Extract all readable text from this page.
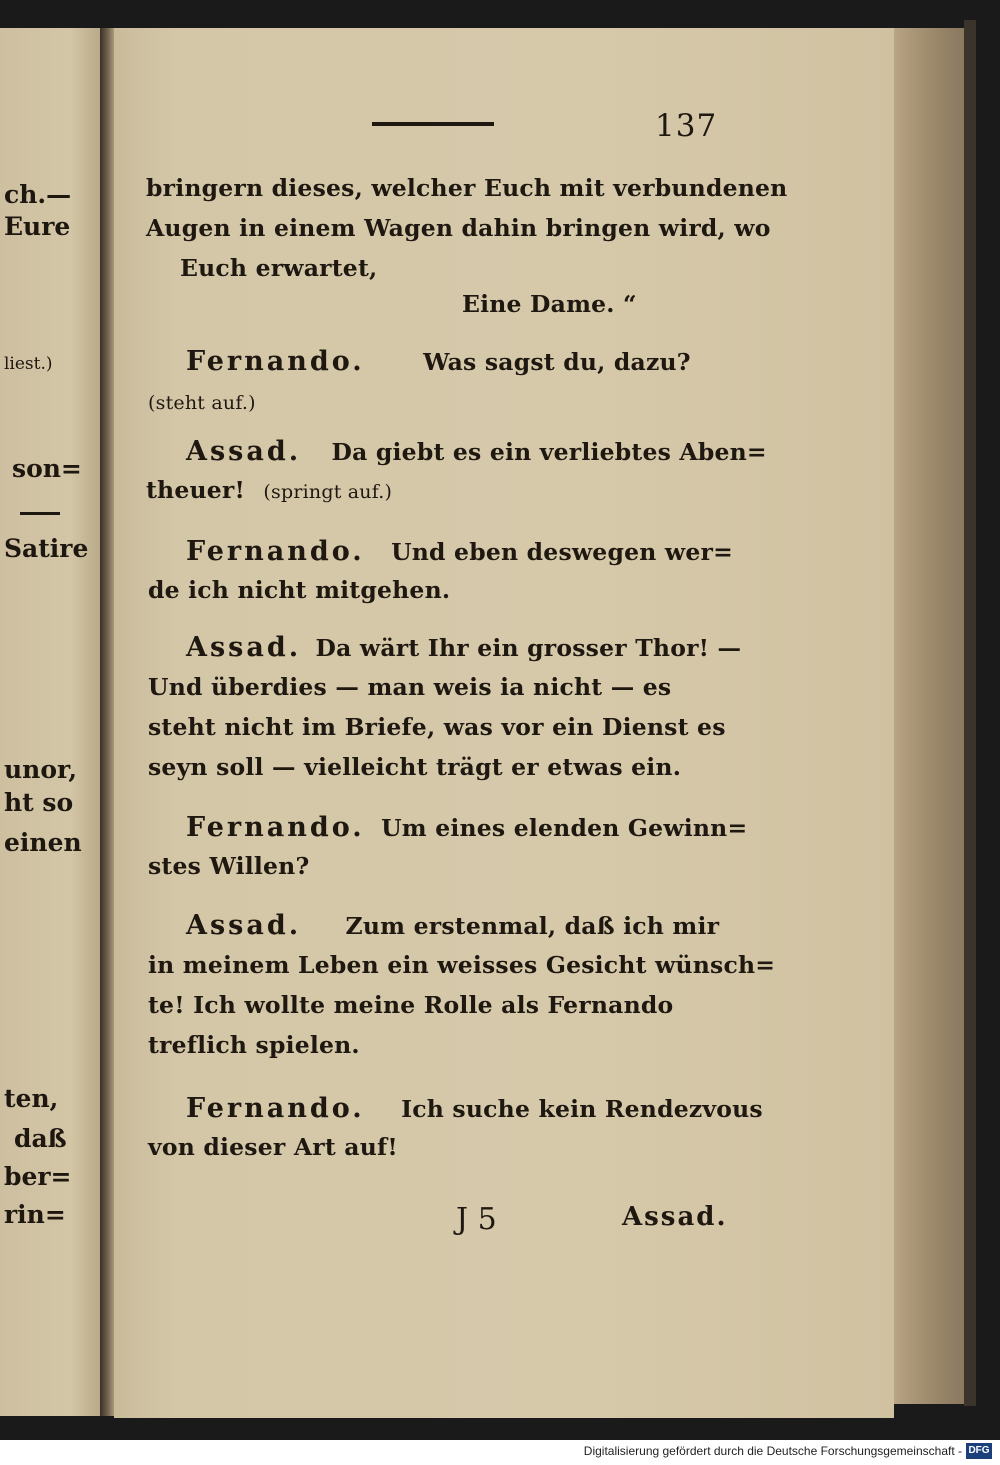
ch.—
Eure
liest.)
son=
Satire
unor,
ht so
einen
ten,
daß
ber=
rin=
137
bringern dieses, welcher Euch mit verbundenen
Augen in einem Wagen dahin bringen wird, wo
Euch erwartet,
Eine Dame. “
Fernando. Was sagst du, dazu?
(steht auf.)
Assad. Da giebt es ein verliebtes Aben=
theuer! (springt auf.)
Fernando. Und eben deswegen wer=
de ich nicht mitgehen.
Assad. Da wärt Ihr ein grosser Thor! —
Und überdies — man weis ia nicht — es
steht nicht im Briefe, was vor ein Dienst es
seyn soll — vielleicht trägt er etwas ein.
Fernando. Um eines elenden Gewinn=
stes Willen?
Assad. Zum erstenmal, daß ich mir
in meinem Leben ein weisses Gesicht wünsch=
te! Ich wollte meine Rolle als Fernando
treflich spielen.
Fernando. Ich suche kein Rendezvous
von dieser Art auf!
J 5	Assad.
Digitalisierung gefördert durch die Deutsche Forschungsgemeinschaft - DFG
